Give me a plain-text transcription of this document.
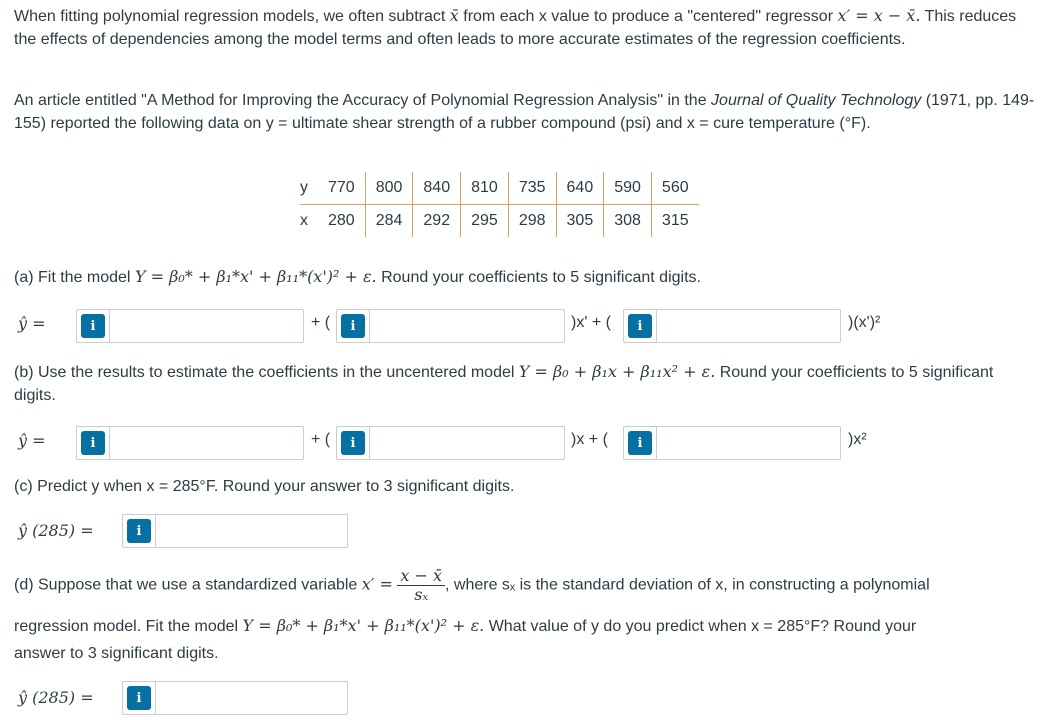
When fitting polynomial regression models, we often subtract x̄ from each x value to produce a "centered" regressor x′ = x − x̄. This reduces the effects of dependencies among the model terms and often leads to more accurate estimates of the regression coefficients.
An article entitled "A Method for Improving the Accuracy of Polynomial Regression Analysis" in the Journal of Quality Technology (1971, pp. 149-155) reported the following data on y = ultimate shear strength of a rubber compound (psi) and x = cure temperature (°F).
y	770	800	840	810	735	640	590	560
x	280	284	292	295	298	305	308	315
(a) Fit the model Y = β₀* + β₁*x' + β₁₁*(x')² + ε. Round your coefficients to 5 significant digits.
ŷ =	i	+ (	i	)x' + (	i	)(x')²
(b) Use the results to estimate the coefficients in the uncentered model Y = β₀ + β₁x + β₁₁x² + ε. Round your coefficients to 5 significant digits.
ŷ =	i	+ (	i	)x + (	i	)x²
(c) Predict y when x = 285°F. Round your answer to 3 significant digits.
ŷ (285) =	i
(d) Suppose that we use a standardized variable $x' = \frac{x - x̄}{\text{sₓ}}$ , where sₓ is the standard deviation of x, in constructing a polynomial
regression model. Fit the model Y = β₀* + β₁*x' + β₁₁*(x')² + ε. What value of y do you predict when x = 285°F? Round your
answer to 3 significant digits.
ŷ (285) =	i
